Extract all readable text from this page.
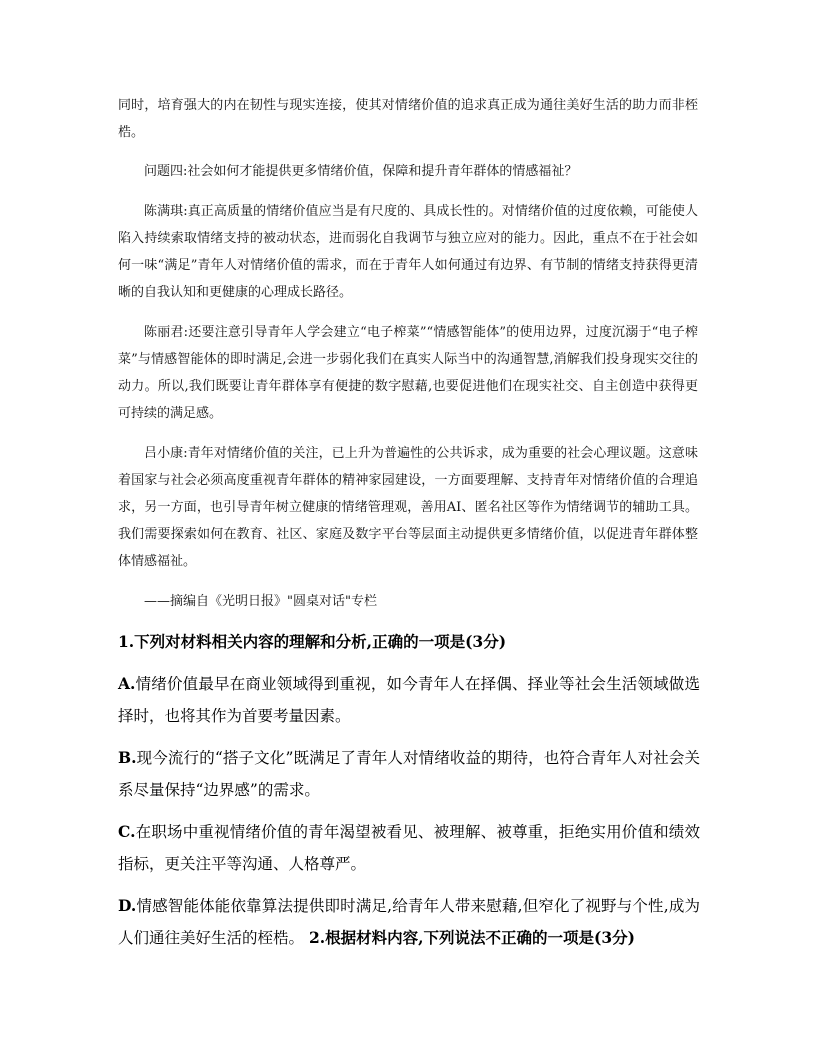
同时，培育强大的内在韧性与现实连接，使其对情绪价值的追求真正成为通往美好生活的助力而非桎梏。

问题四:社会如何才能提供更多情绪价值，保障和提升青年群体的情感福祉？

陈满琪:真正高质量的情绪价值应当是有尺度的、具成长性的。对情绪价值的过度依赖，可能使人陷入持续索取情绪支持的被动状态，进而弱化自我调节与独立应对的能力。因此，重点不在于社会如何一味“满足”青年人对情绪价值的需求，而在于青年人如何通过有边界、有节制的情绪支持获得更清晰的自我认知和更健康的心理成长路径。

陈丽君:还要注意引导青年人学会建立“电子榨菜”“情感智能体”的使用边界，过度沉溺于“电子榨菜”与情感智能体的即时满足,会进一步弱化我们在真实人际当中的沟通智慧,消解我们投身现实交往的动力。所以,我们既要让青年群体享有便捷的数字慰藉,也要促进他们在现实社交、自主创造中获得更可持续的满足感。

吕小康:青年对情绪价值的关注，已上升为普遍性的公共诉求，成为重要的社会心理议题。这意味着国家与社会必须高度重视青年群体的精神家园建设，一方面要理解、支持青年对情绪价值的合理追求，另一方面，也引导青年树立健康的情绪管理观，善用AI、匿名社区等作为情绪调节的辅助工具。我们需要探索如何在教育、社区、家庭及数字平台等层面主动提供更多情绪价值，以促进青年群体整体情感福祉。

——摘编自《光明日报》"圆桌对话"专栏

1.下列对材料相关内容的理解和分析,正确的一项是(3分)

A.情绪价值最早在商业领域得到重视，如今青年人在择偶、择业等社会生活领域做选择时，也将其作为首要考量因素。

B.现今流行的“搭子文化”既满足了青年人对情绪收益的期待，也符合青年人对社会关系尽量保持“边界感”的需求。

C.在职场中重视情绪价值的青年渴望被看见、被理解、被尊重，拒绝实用价值和绩效指标，更关注平等沟通、人格尊严。

D.情感智能体能依靠算法提供即时满足,给青年人带来慰藉,但窄化了视野与个性,成为人们通往美好生活的桎梏。 2.根据材料内容,下列说法不正确的一项是(3分)
